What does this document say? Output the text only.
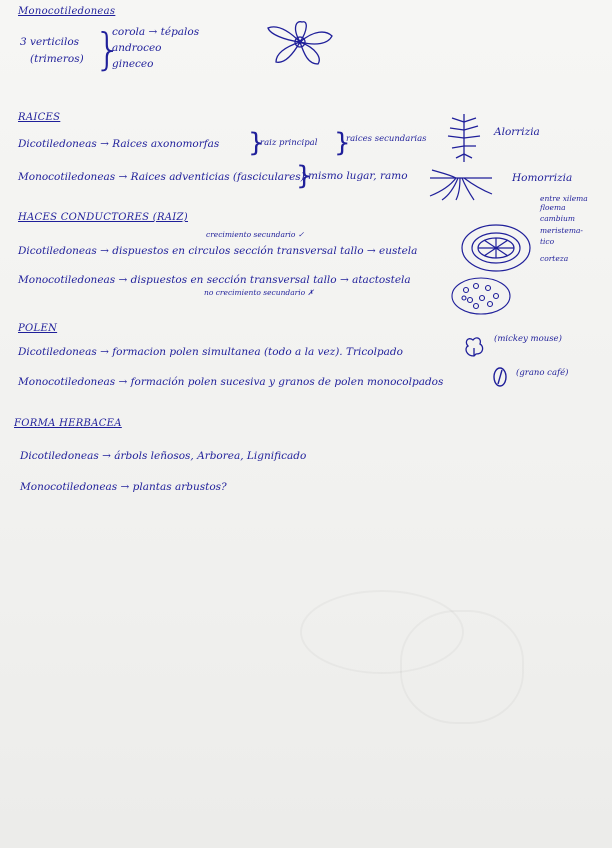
Monocotiledoneas
3 verticilos
(trimeros) }
corola → tépalos
androceo
gineceo
RAICES
Dicotiledoneas → Raices axonomorfas }
raiz principal }
raices secundarias
Alorrizia
Monocotiledoneas → Raices adventicias (fasciculares)
}
mismo lugar, ramo	Homorrizia
HACES CONDUCTORES (RAIZ)
crecimiento secundario ✓
Dicotiledoneas → dispuestos en circulos sección transversal tallo → eustela
entre xilema
floema
cambium
meristema-
tico
corteza
Monocotiledoneas → dispuestos en sección transversal tallo → atactostela
no crecimiento secundario ✗
POLEN
Dicotiledoneas → formacion polen simultanea (todo a la vez). Tricolpado
(mickey mouse)
Monocotiledoneas → formación polen sucesiva y granos de polen monocolpados
(grano café)
FORMA HERBACEA
Dicotiledoneas → árbols leñosos, Arborea, Lignificado
Monocotiledoneas → plantas arbustos?
